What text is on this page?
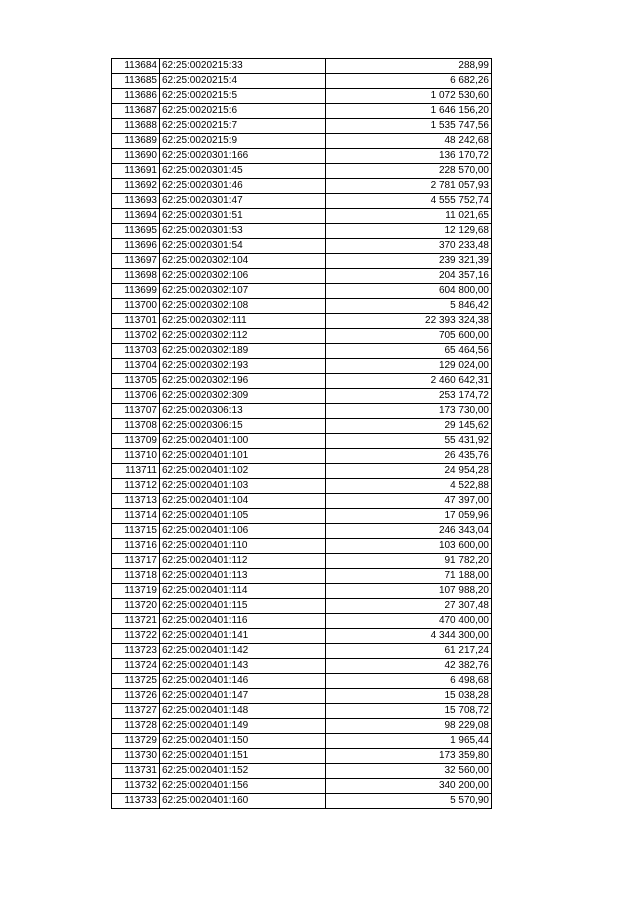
113684	62:25:0020215:33	288,99
113685	62:25:0020215:4	6 682,26
113686	62:25:0020215:5	1 072 530,60
113687	62:25:0020215:6	1 646 156,20
113688	62:25:0020215:7	1 535 747,56
113689	62:25:0020215:9	48 242,68
113690	62:25:0020301:166	136 170,72
113691	62:25:0020301:45	228 570,00
113692	62:25:0020301:46	2 781 057,93
113693	62:25:0020301:47	4 555 752,74
113694	62:25:0020301:51	11 021,65
113695	62:25:0020301:53	12 129,68
113696	62:25:0020301:54	370 233,48
113697	62:25:0020302:104	239 321,39
113698	62:25:0020302:106	204 357,16
113699	62:25:0020302:107	604 800,00
113700	62:25:0020302:108	5 846,42
113701	62:25:0020302:111	22 393 324,38
113702	62:25:0020302:112	705 600,00
113703	62:25:0020302:189	65 464,56
113704	62:25:0020302:193	129 024,00
113705	62:25:0020302:196	2 460 642,31
113706	62:25:0020302:309	253 174,72
113707	62:25:0020306:13	173 730,00
113708	62:25:0020306:15	29 145,62
113709	62:25:0020401:100	55 431,92
113710	62:25:0020401:101	26 435,76
113711	62:25:0020401:102	24 954,28
113712	62:25:0020401:103	4 522,88
113713	62:25:0020401:104	47 397,00
113714	62:25:0020401:105	17 059,96
113715	62:25:0020401:106	246 343,04
113716	62:25:0020401:110	103 600,00
113717	62:25:0020401:112	91 782,20
113718	62:25:0020401:113	71 188,00
113719	62:25:0020401:114	107 988,20
113720	62:25:0020401:115	27 307,48
113721	62:25:0020401:116	470 400,00
113722	62:25:0020401:141	4 344 300,00
113723	62:25:0020401:142	61 217,24
113724	62:25:0020401:143	42 382,76
113725	62:25:0020401:146	6 498,68
113726	62:25:0020401:147	15 038,28
113727	62:25:0020401:148	15 708,72
113728	62:25:0020401:149	98 229,08
113729	62:25:0020401:150	1 965,44
113730	62:25:0020401:151	173 359,80
113731	62:25:0020401:152	32 560,00
113732	62:25:0020401:156	340 200,00
113733	62:25:0020401:160	5 570,90
